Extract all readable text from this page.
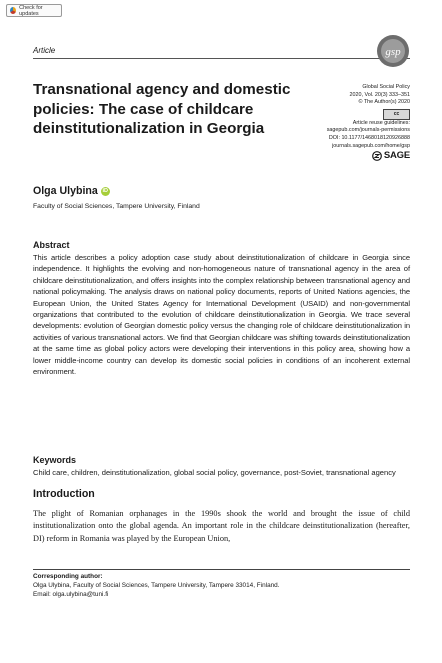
Check for updates
Article	gsp
Transnational agency and domestic policies: The case of childcare deinstitutionalization in Georgia
Global Social Policy
2020, Vol. 20(3) 333–351
© The Author(s) 2020
cc
Article reuse guidelines:
sagepub.com/journals-permissions
DOI: 10.1177/1468018120926888
journals.sagepub.com/home/gsp
SAGE
Olga Ulybina iD
Faculty of Social Sciences, Tampere University, Finland
Abstract
This article describes a policy adoption case study about deinstitutionalization of childcare in Georgia since independence. It highlights the evolving and non-homogeneous nature of transnational agency in the area of childcare deinstitutionalization, and offers insights into the complex relationship between transnational agency and national policymaking. The analysis draws on national policy documents, reports of United Nations agencies, the European Union, the United States Agency for International Development (USAID) and non-governmental organizations that contributed to the evolution of childcare deinstitutionalization in Georgia. We trace several developments: evolution of Georgian domestic policy versus the changing role of childcare deinstitutionalization in activities of various transnational actors. We find that Georgian childcare was shifting towards deinstitutionalization at the same time as global policy actors were developing their interventions in this policy area, showing how a lower middle-income country can develop its domestic social policies in conditions of an incoherent external environment.
Keywords
Child care, children, deinstitutionalization, global social policy, governance, post-Soviet, transnational agency
Introduction
The plight of Romanian orphanages in the 1990s shook the world and brought the issue of child institutionalization onto the global agenda. An important role in the childcare deinstitutionalization (hereafter, DI) reform in Romania was played by the European Union,
Corresponding author:
Olga Ulybina, Faculty of Social Sciences, Tampere University, Tampere 33014, Finland.
Email: olga.ulybina@tuni.fi
